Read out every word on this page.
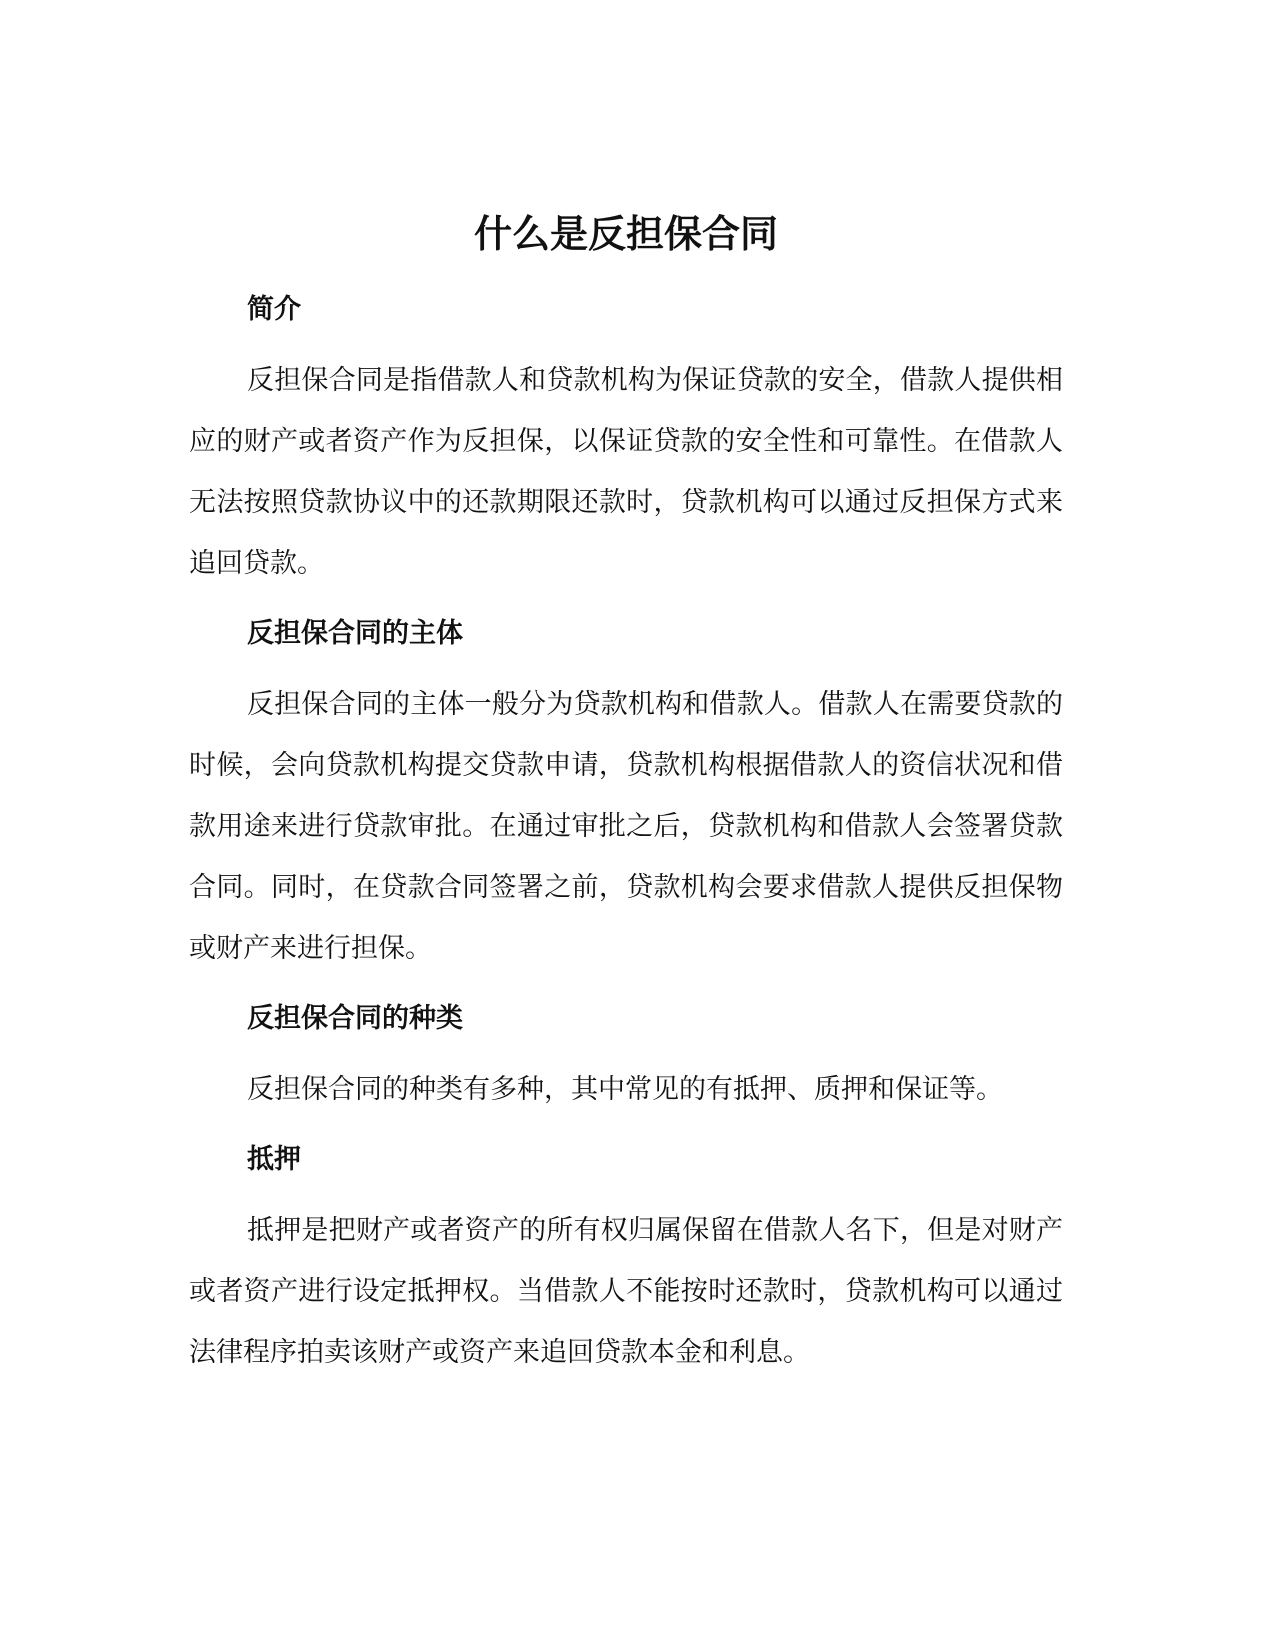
什么是反担保合同
简介

反担保合同是指借款人和贷款机构为保证贷款的安全，借款人提供相应的财产或者资产作为反担保，以保证贷款的安全性和可靠性。在借款人无法按照贷款协议中的还款期限还款时，贷款机构可以通过反担保方式来追回贷款。

反担保合同的主体

反担保合同的主体一般分为贷款机构和借款人。借款人在需要贷款的时候，会向贷款机构提交贷款申请，贷款机构根据借款人的资信状况和借款用途来进行贷款审批。在通过审批之后，贷款机构和借款人会签署贷款合同。同时，在贷款合同签署之前，贷款机构会要求借款人提供反担保物或财产来进行担保。

反担保合同的种类

反担保合同的种类有多种，其中常见的有抵押、质押和保证等。

抵押

抵押是把财产或者资产的所有权归属保留在借款人名下，但是对财产或者资产进行设定抵押权。当借款人不能按时还款时，贷款机构可以通过法律程序拍卖该财产或资产来追回贷款本金和利息。
